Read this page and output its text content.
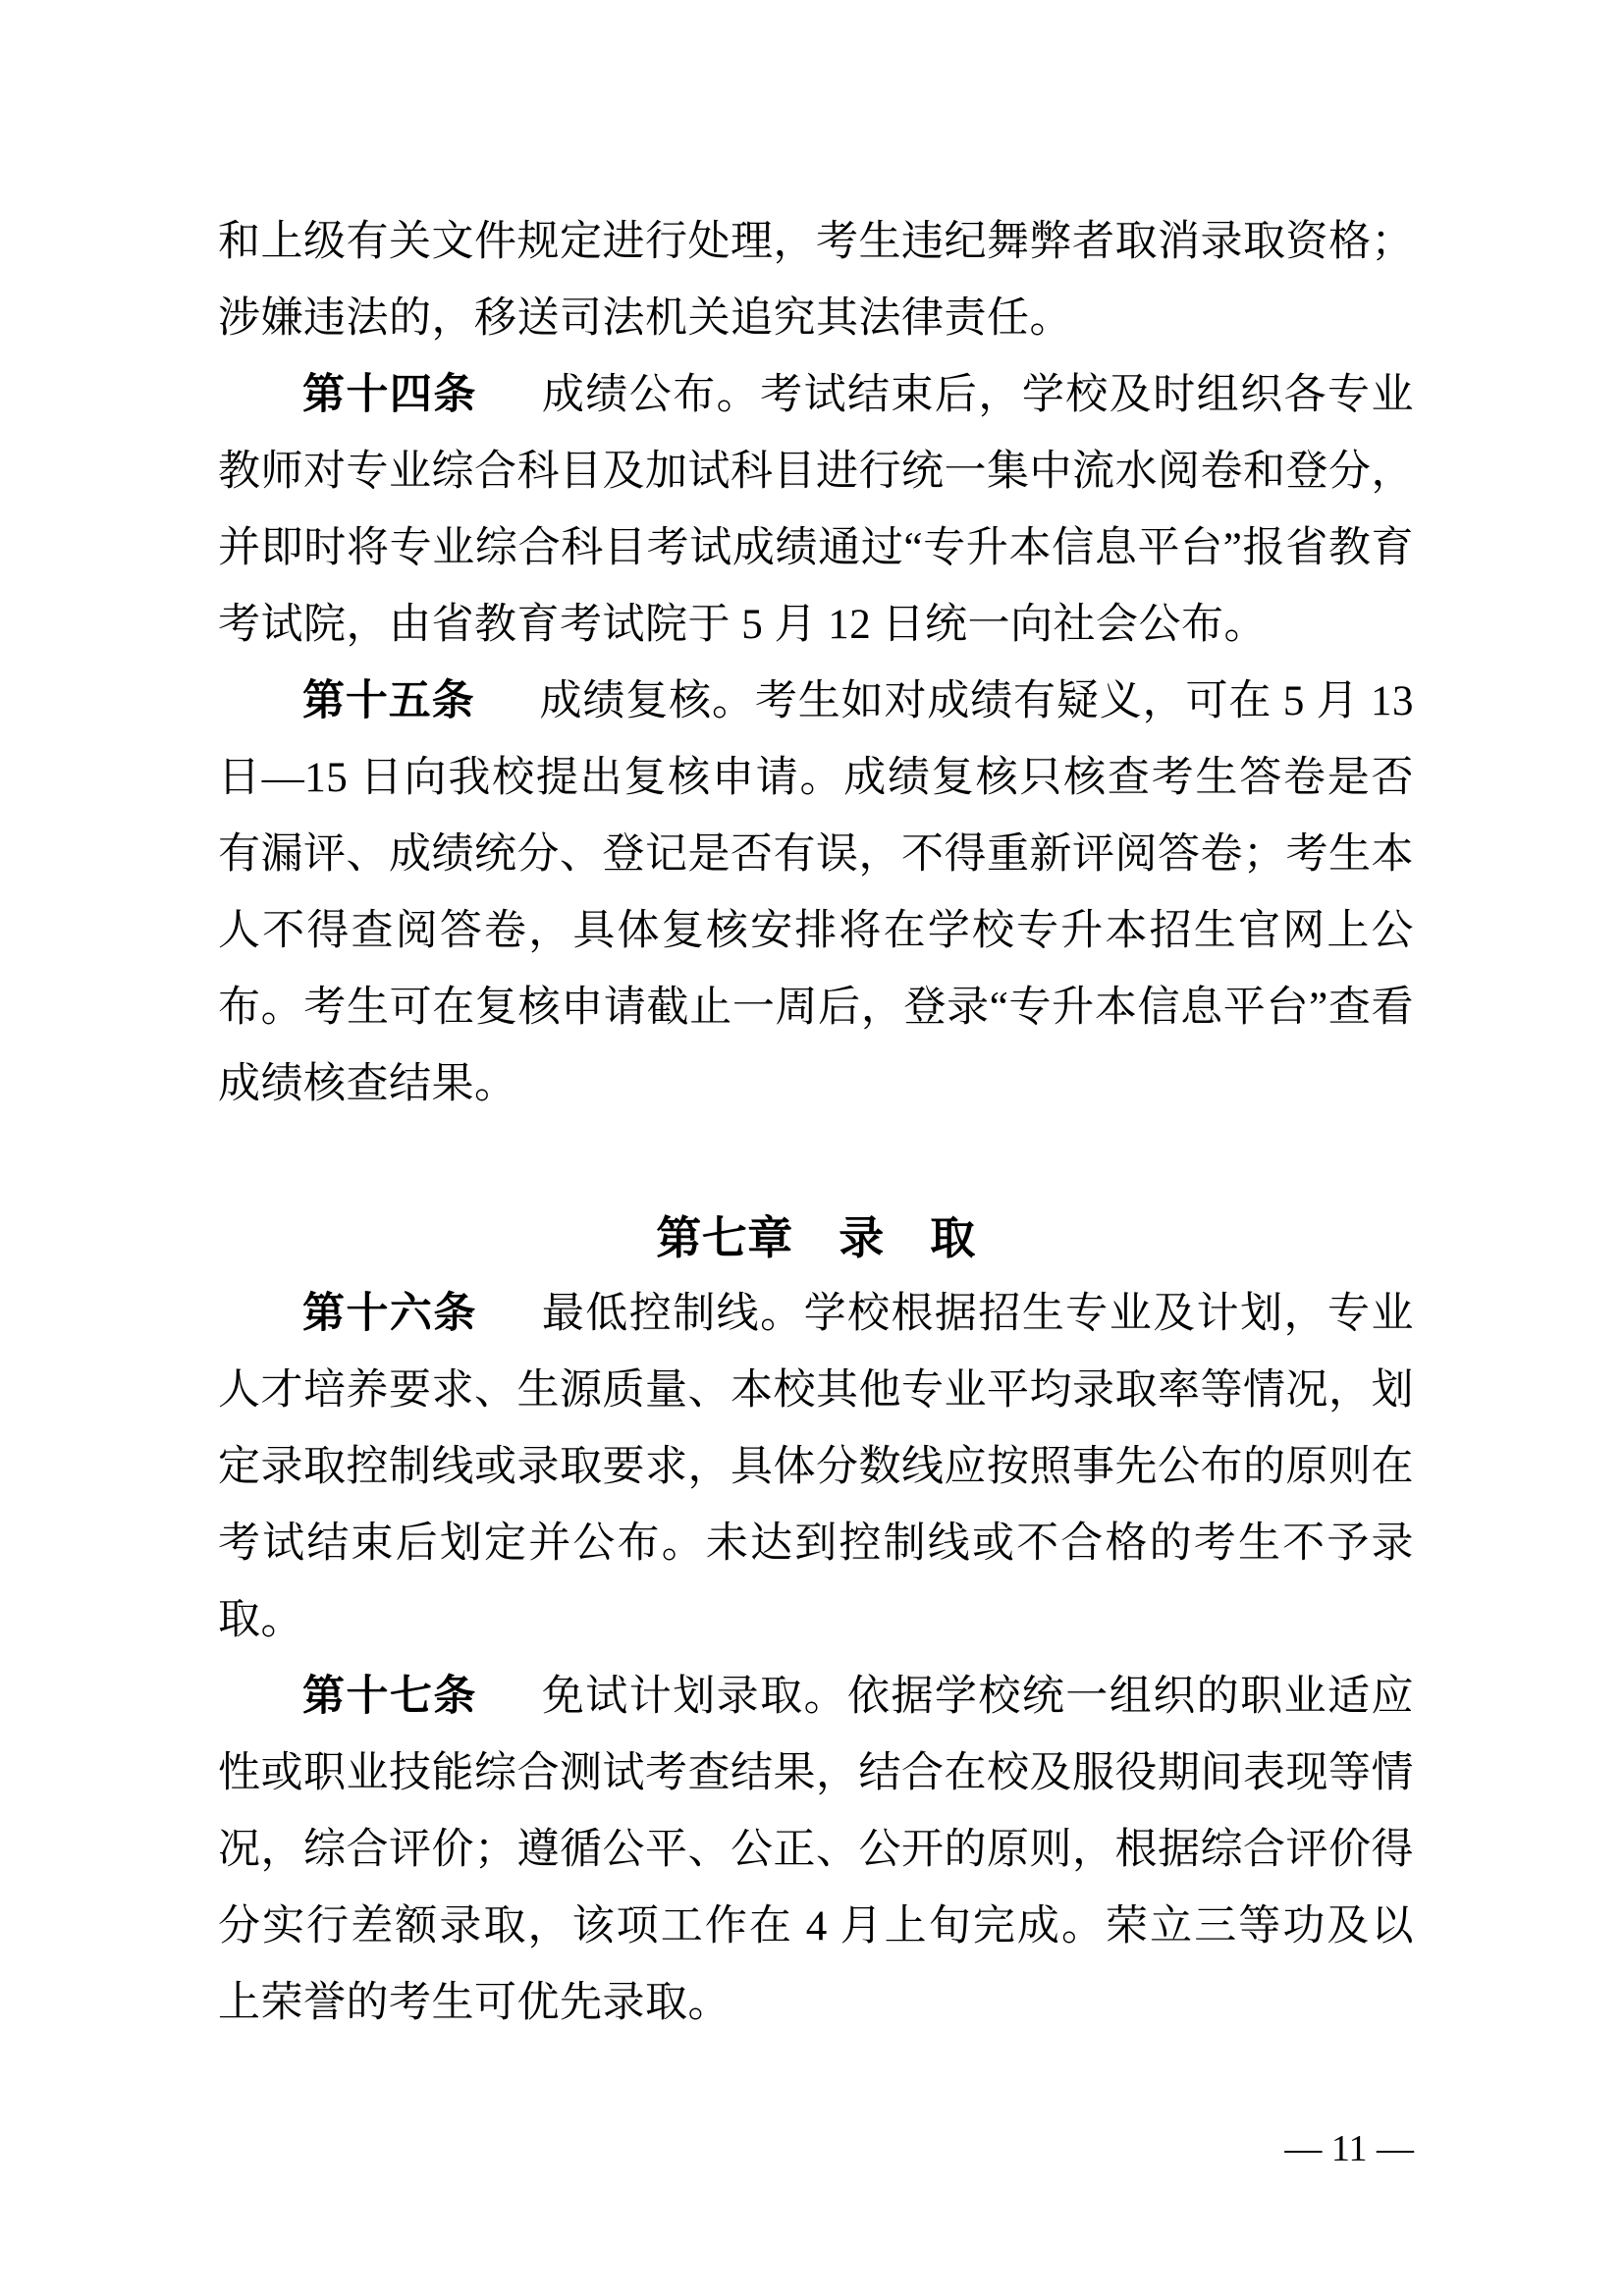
和上级有关文件规定进行处理，考生违纪舞弊者取消录取资格；涉嫌违法的，移送司法机关追究其法律责任。

第十四条 成绩公布。考试结束后，学校及时组织各专业教师对专业综合科目及加试科目进行统一集中流水阅卷和登分，并即时将专业综合科目考试成绩通过“专升本信息平台”报省教育考试院，由省教育考试院于 5 月 12 日统一向社会公布。

第十五条 成绩复核。考生如对成绩有疑义，可在 5 月 13 日—15 日向我校提出复核申请。成绩复核只核查考生答卷是否有漏评、成绩统分、登记是否有误，不得重新评阅答卷；考生本人不得查阅答卷，具体复核安排将在学校专升本招生官网上公布。考生可在复核申请截止一周后，登录“专升本信息平台”查看成绩核查结果。

第七章　录　取

第十六条 最低控制线。学校根据招生专业及计划，专业人才培养要求、生源质量、本校其他专业平均录取率等情况，划定录取控制线或录取要求，具体分数线应按照事先公布的原则在考试结束后划定并公布。未达到控制线或不合格的考生不予录取。

第十七条 免试计划录取。依据学校统一组织的职业适应性或职业技能综合测试考查结果，结合在校及服役期间表现等情况，综合评价；遵循公平、公正、公开的原则，根据综合评价得分实行差额录取，该项工作在 4 月上旬完成。荣立三等功及以上荣誉的考生可优先录取。

— 11 —
